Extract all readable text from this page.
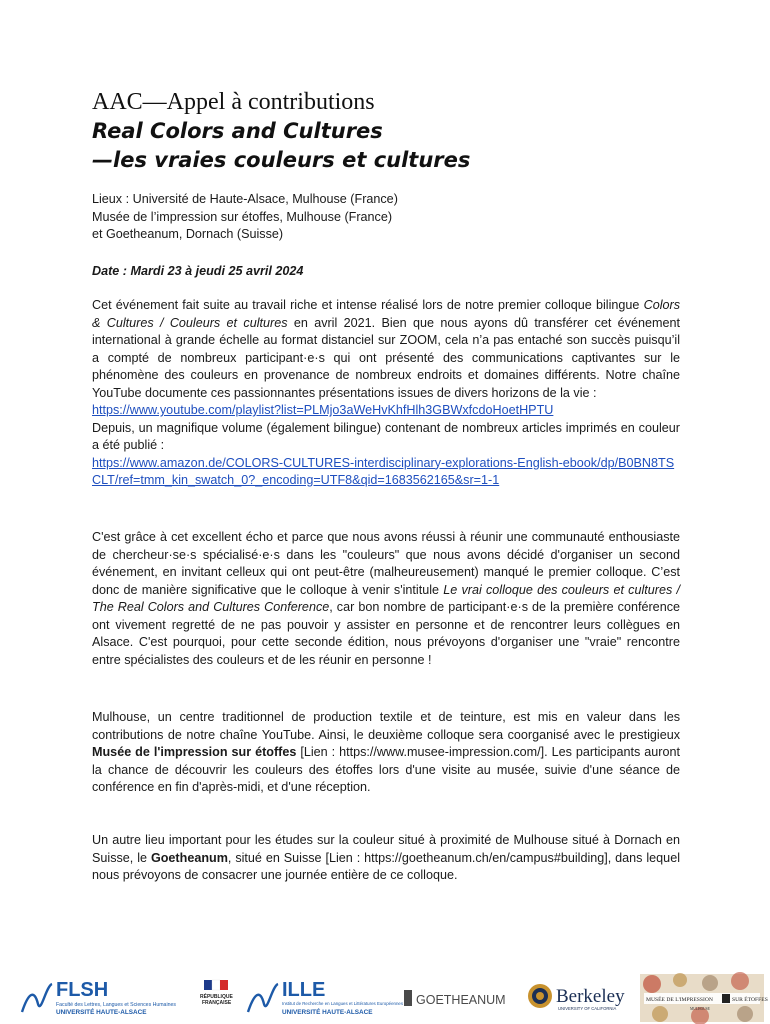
AAC—Appel à contributions
Real Colors and Cultures
—les vraies couleurs et cultures
Lieux : Université de Haute-Alsace, Mulhouse (France)
Musée de l’impression sur étoffes, Mulhouse (France)
et Goetheanum, Dornach (Suisse)
Date : Mardi 23 à jeudi 25 avril 2024
Cet événement fait suite au travail riche et intense réalisé lors de notre premier colloque bilingue Colors & Cultures / Couleurs et cultures en avril 2021. Bien que nous ayons dû transférer cet événement international à grande échelle au format distanciel sur ZOOM, cela n’a pas entaché son succès puisqu’il a compté de nombreux participant·e·s qui ont présenté des communications captivantes sur le phénomène des couleurs en provenance de nombreux endroits et domaines différents. Notre chaîne YouTube documente ces passionnantes présentations issues de divers horizons de la vie :
https://www.youtube.com/playlist?list=PLMjo3aWeHvKhfHlh3GBWxfcdoHoetHPTU
Depuis, un magnifique volume (également bilingue) contenant de nombreux articles imprimés en couleur a été publié :
https://www.amazon.de/COLORS-CULTURES-interdisciplinary-explorations-English-ebook/dp/B0BN8TSCLT/ref=tmm_kin_swatch_0?_encoding=UTF8&qid=1683562165&sr=1-1
C'est grâce à cet excellent écho et parce que nous avons réussi à réunir une communauté enthousiaste de chercheur·se·s spécialisé·e·s dans les "couleurs" que nous avons décidé d'organiser un second événement, en invitant celleux qui ont peut-être (malheureusement) manqué le premier colloque. C’est donc de manière significative que le colloque à venir s'intitule Le vrai colloque des couleurs et cultures / The Real Colors and Cultures Conference, car bon nombre de participant·e·s de la première conférence ont vivement regretté de ne pas pouvoir y assister en personne et de rencontrer leurs collègues en Alsace. C'est pourquoi, pour cette seconde édition, nous prévoyons d'organiser une "vraie" rencontre entre spécialistes des couleurs et de les réunir en personne !
Mulhouse, un centre traditionnel de production textile et de teinture, est mis en valeur dans les contributions de notre chaîne YouTube. Ainsi, le deuxième colloque sera coorganisé avec le prestigieux Musée de l'impression sur étoffes [Lien : https://www.musee-impression.com/]. Les participants auront la chance de découvrir les couleurs des étoffes lors d'une visite au musée, suivie d'une séance de conférence en fin d'après-midi, et d'une réception.
Un autre lieu important pour les études sur la couleur situé à proximité de Mulhouse situé à Dornach en Suisse, le Goetheanum, situé en Suisse [Lien : https://goetheanum.ch/en/campus#building], dans lequel nous prévoyons de consacrer une journée entière de ce colloque.
FLSH
Faculté des Lettres, Langues et Sciences Humaines
UNIVERSITÉ HAUTE-ALSACE
RÉPUBLIQUE
FRANÇAISE
ILLE
Institut de Recherche en Langues et Littératures Européennes
UNIVERSITÉ HAUTE-ALSACE
GOETHEANUM	Berkeley
UNIVERSITY OF CALIFORNIA
MUSÉE DE L'IMPRESSION	SUR ÉTOFFES
MULHOUSE
